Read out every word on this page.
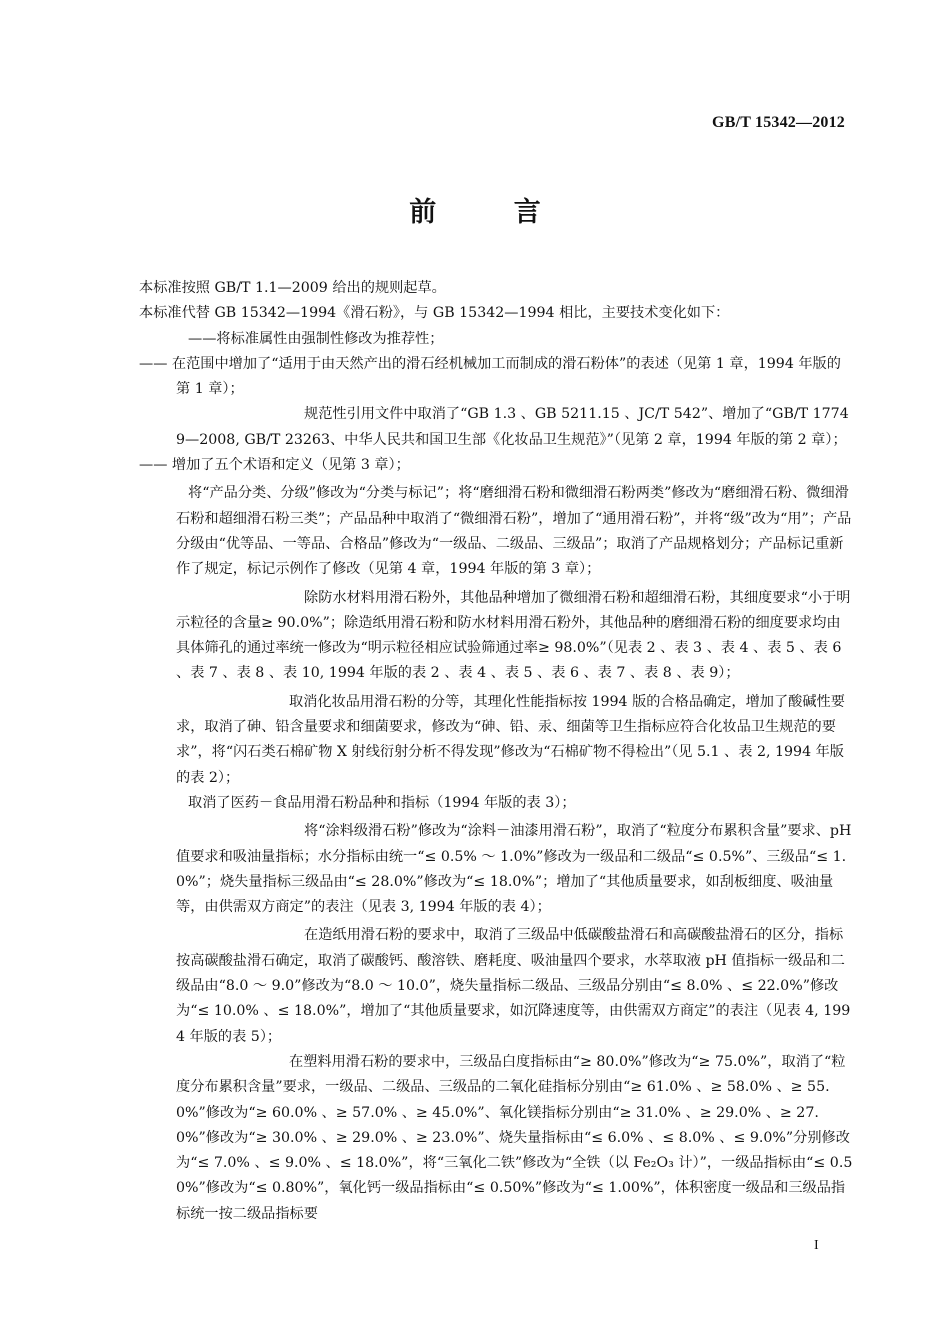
GB/T 15342—2012
前 言

本标准按照 GB/T 1.1—2009 给出的规则起草。

本标准代替 GB 15342—1994《滑石粉》，与 GB 15342—1994 相比，主要技术变化如下：

——将标准属性由强制性修改为推荐性；

—— 在范围中增加了“适用于由天然产出的滑石经机械加工而制成的滑石粉体”的表述（见第 1 章，1994 年版的第 1 章）；

规范性引用文件中取消了“GB 1.3 、GB 5211.15 、JC/T 542”、增加了“GB/T 17749—2008, GB/T 23263、中华人民共和国卫生部《化妆品卫生规范》”（见第 2 章，1994 年版的第 2 章）；

—— 增加了五个术语和定义（见第 3 章）；

将“产品分类、分级”修改为“分类与标记”；将“磨细滑石粉和微细滑石粉两类”修改为“磨细滑石粉、微细滑石粉和超细滑石粉三类”；产品品种中取消了“微细滑石粉”，增加了“通用滑石粉”，并将“级”改为“用”；产品分级由“优等品、一等品、合格品”修改为“一级品、二级品、三级品”；取消了产品规格划分；产品标记重新作了规定，标记示例作了修改（见第 4 章，1994 年版的第 3 章）；

除防水材料用滑石粉外，其他品种增加了微细滑石粉和超细滑石粉，其细度要求“小于明示粒径的含量≥ 90.0%”；除造纸用滑石粉和防水材料用滑石粉外，其他品种的磨细滑石粉的细度要求均由具体筛孔的通过率统一修改为“明示粒径相应试验筛通过率≥ 98.0%”（见表 2 、表 3 、表 4 、表 5 、表 6 、表 7 、表 8 、表 10, 1994 年版的表 2 、表 4 、表 5 、表 6 、表 7 、表 8 、表 9）；

取消化妆品用滑石粉的分等，其理化性能指标按 1994 版的合格品确定，增加了酸碱性要求，取消了砷、铅含量要求和细菌要求，修改为“砷、铅、汞、细菌等卫生指标应符合化妆品卫生规范的要求”，将“闪石类石棉矿物 X 射线衍射分析不得发现”修改为“石棉矿物不得检出”（见 5.1 、表 2, 1994 年版的表 2）；

取消了医药－食品用滑石粉品种和指标（1994 年版的表 3）；

将“涂料级滑石粉”修改为“涂料－油漆用滑石粉”，取消了“粒度分布累积含量”要求、pH 值要求和吸油量指标；水分指标由统一“≤ 0.5% ～ 1.0%”修改为一级品和二级品“≤ 0.5%”、三级品“≤ 1.0%”；烧失量指标三级品由“≤ 28.0%”修改为“≤ 18.0%”；增加了“其他质量要求，如刮板细度、吸油量等，由供需双方商定”的表注（见表 3, 1994 年版的表 4）；

在造纸用滑石粉的要求中，取消了三级品中低碳酸盐滑石和高碳酸盐滑石的区分，指标按高碳酸盐滑石确定，取消了碳酸钙、酸溶铁、磨耗度、吸油量四个要求，水萃取液 pH 值指标一级品和二级品由“8.0 ～ 9.0”修改为“8.0 ～ 10.0”，烧失量指标二级品、三级品分别由“≤ 8.0% 、≤ 22.0%”修改为“≤ 10.0% 、≤ 18.0%”，增加了“其他质量要求，如沉降速度等，由供需双方商定”的表注（见表 4, 1994 年版的表 5）；

在塑料用滑石粉的要求中，三级品白度指标由“≥ 80.0%”修改为“≥ 75.0%”，取消了“粒度分布累积含量”要求，一级品、二级品、三级品的二氧化硅指标分别由“≥ 61.0% 、≥ 58.0% 、≥ 55.0%”修改为“≥ 60.0% 、≥ 57.0% 、≥ 45.0%”、氧化镁指标分别由“≥ 31.0% 、≥ 29.0% 、≥ 27.0%”修改为“≥ 30.0% 、≥ 29.0% 、≥ 23.0%”、烧失量指标由“≤ 6.0% 、≤ 8.0% 、≤ 9.0%”分别修改为“≤ 7.0% 、≤ 9.0% 、≤ 18.0%”，将“三氧化二铁”修改为“全铁（以 Fe₂O₃ 计）”，一级品指标由“≤ 0.50%”修改为“≤ 0.80%”，氧化钙一级品指标由“≤ 0.50%”修改为“≤ 1.00%”，体积密度一级品和三级品指标统一按二级品指标要

I
